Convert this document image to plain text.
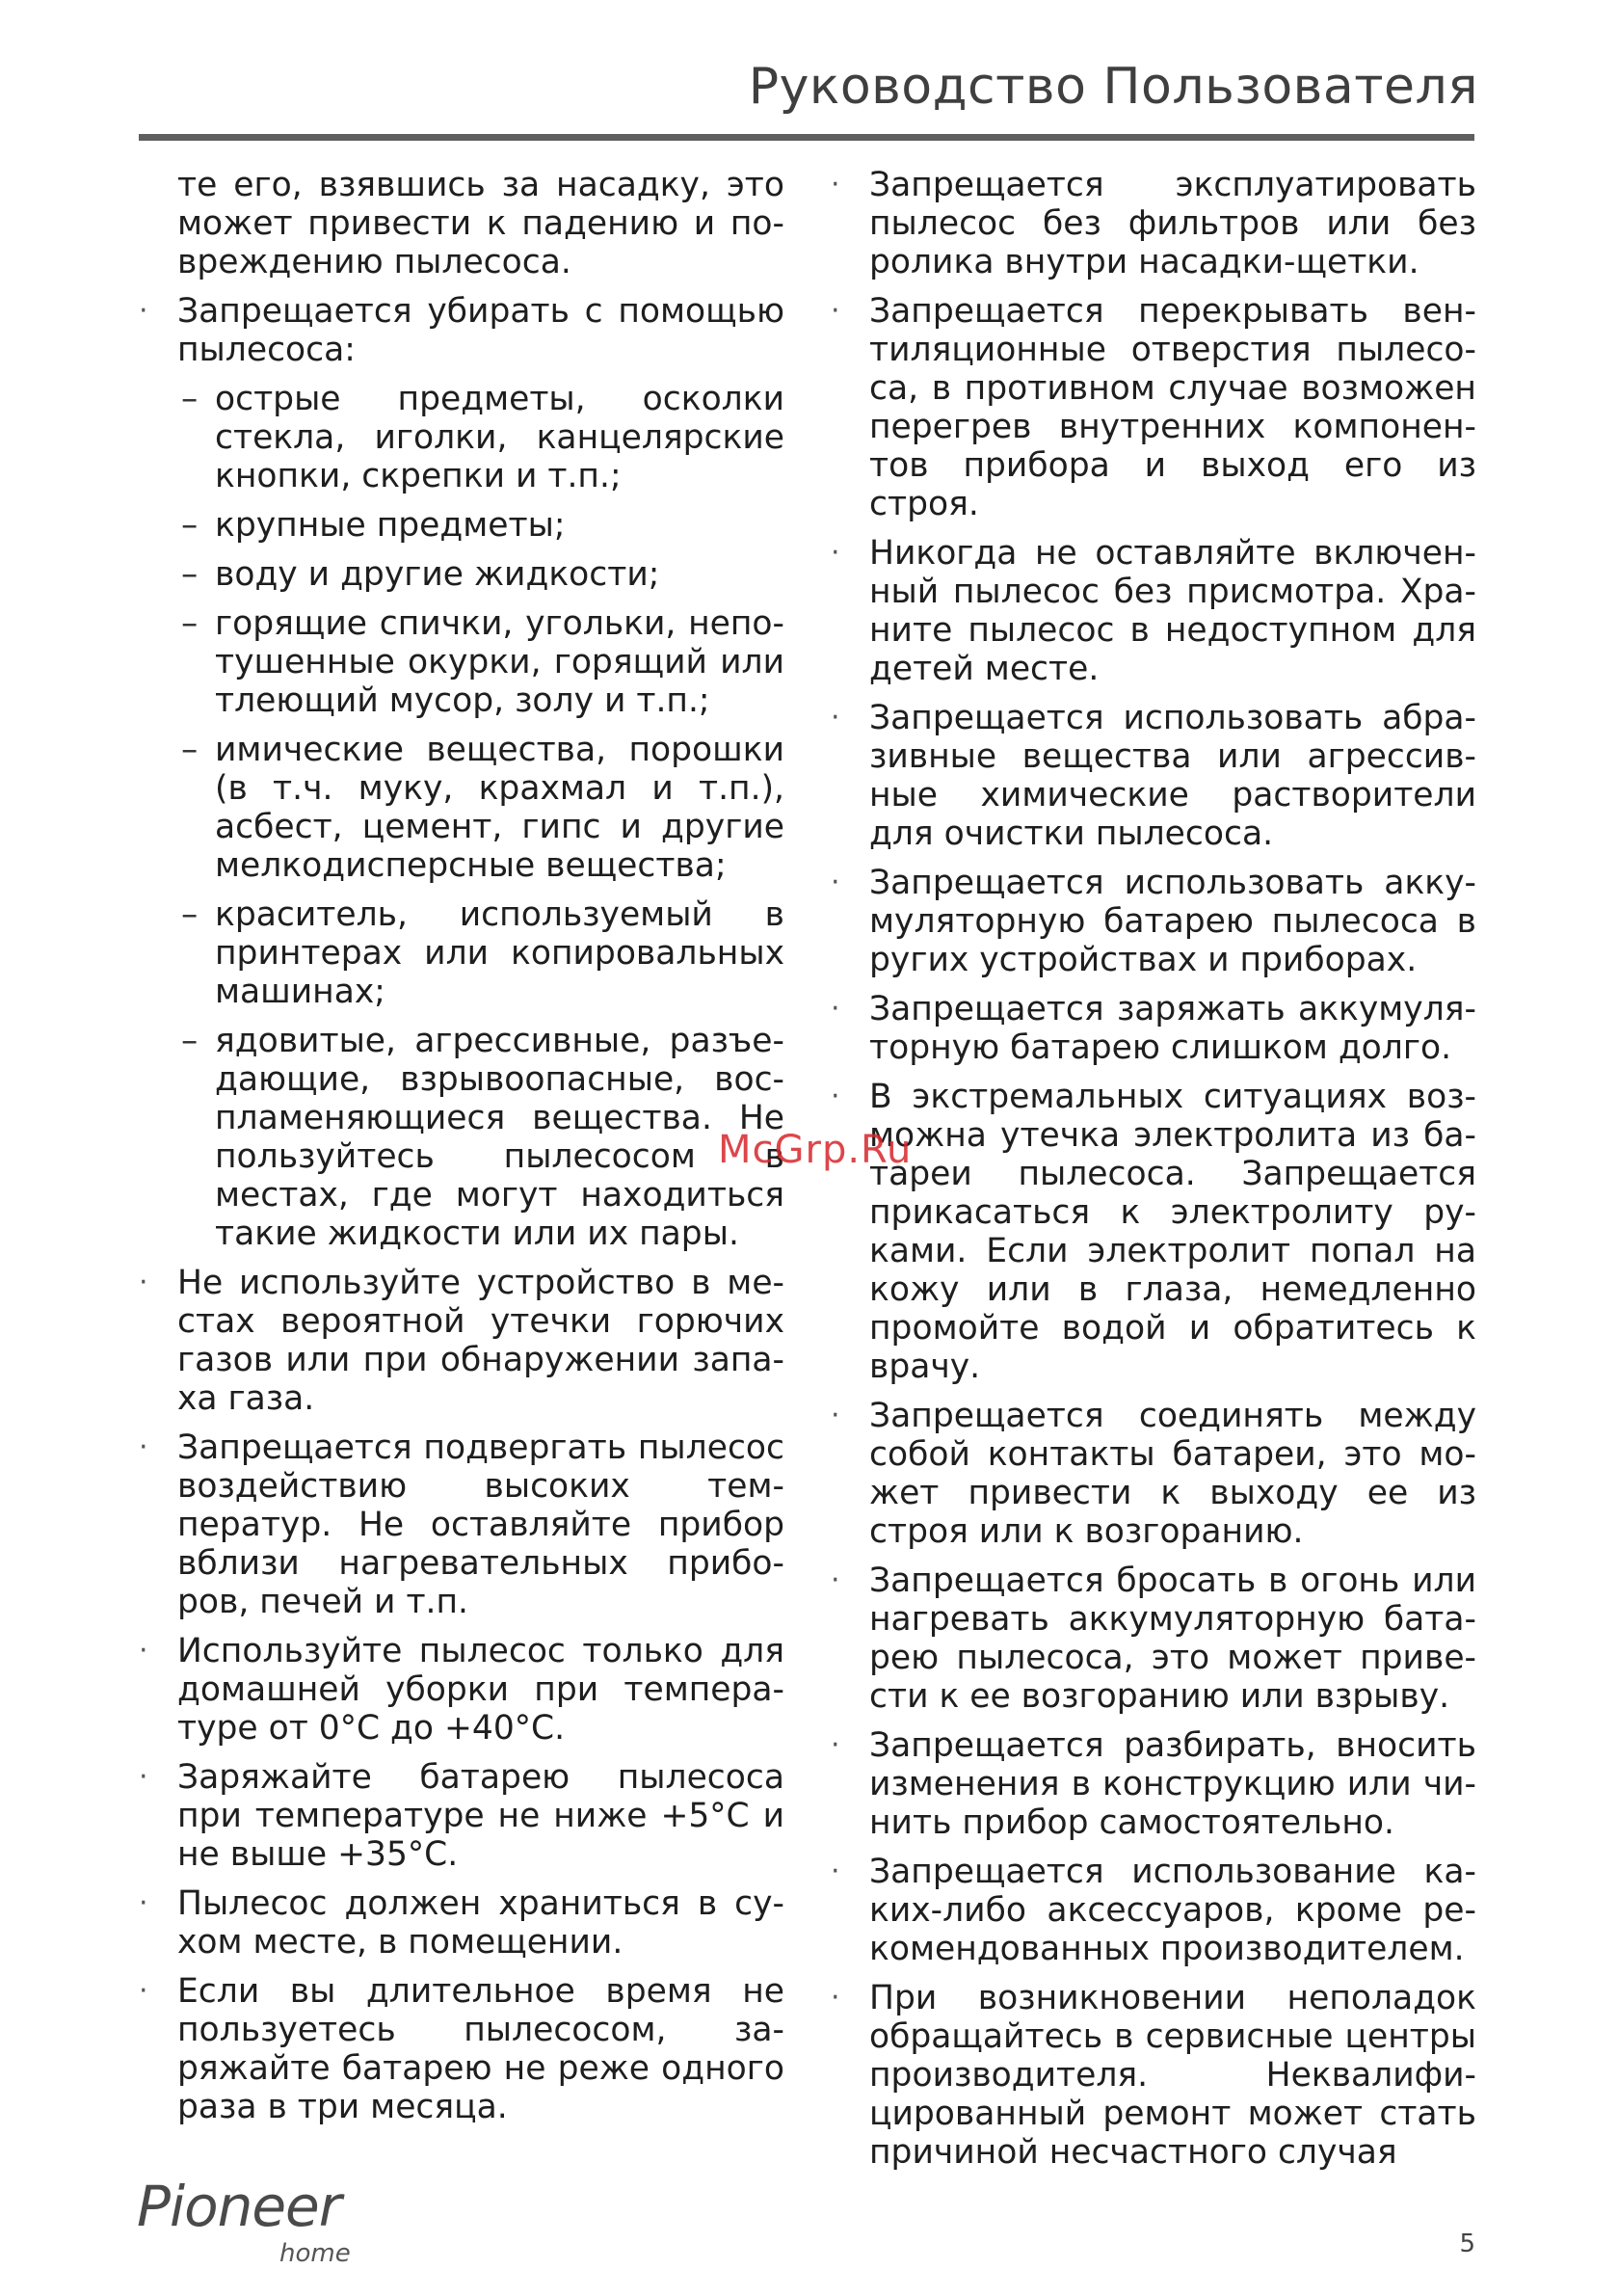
Руководство Пользователя
те его, взявшись за насадку, это может привести к падению и повреждению пылесоса.
· Запрещается убирать с помощью пылесоса:
– острые предметы, осколки стекла, иголки, канцелярские кнопки, скрепки и т.п.;
– крупные предметы;
– воду и другие жидкости;
– горящие спички, угольки, непотушенные окурки, горящий или тлеющий мусор, золу и т.п.;
– имические вещества, порошки (в т.ч. муку, крахмал и т.п.), асбест, цемент, гипс и другие мелкодисперсные вещества;
– краситель, используемый в принтерах или копировальных машинах;
– ядовитые, агрессивные, разъедающие, взрывоопасные, воспламеняющиеся вещества. Не пользуйтесь пылесосом в местах, где могут находиться такие жидкости или их пары.
· Не используйте устройство в местах вероятной утечки горючих газов или при обнаружении запаха газа.
· Запрещается подвергать пылесос воздействию высоких температур. Не оставляйте прибор вблизи нагревательных приборов, печей и т.п.
· Используйте пылесос только для домашней уборки при температуре от 0°С до +40°С.
· Заряжайте батарею пылесоса при температуре не ниже +5°С и не выше +35°С.
· Пылесос должен храниться в сухом месте, в помещении.
· Если вы длительное время не пользуетесь пылесосом, заряжайте батарею не реже одного раза в три месяца.
· Запрещается эксплуатировать пылесос без фильтров или без ролика внутри насадки-щетки.
· Запрещается перекрывать вентиляционные отверстия пылесоса, в противном случае возможен перегрев внутренних компонентов прибора и выход его из строя.
· Никогда не оставляйте включенный пылесос без присмотра. Храните пылесос в недоступном для детей месте.
· Запрещается использовать абразивные вещества или агрессивные химические растворители для очистки пылесоса.
· Запрещается использовать аккумуляторную батарею пылесоса в ругих устройствах и приборах.
· Запрещается заряжать аккумуляторную батарею слишком долго.
· В экстремальных ситуациях возможна утечка электролита из батареи пылесоса. Запрещается прикасаться к электролиту руками. Если электролит попал на кожу или в глаза, немедленно промойте водой и обратитесь к врачу.
· Запрещается соединять между собой контакты батареи, это может привести к выходу ее из строя или к возгоранию.
· Запрещается бросать в огонь или нагревать аккумуляторную батарею пылесоса, это может привести к ее возгоранию или взрыву.
· Запрещается разбирать, вносить изменения в конструкцию или чинить прибор самостоятельно.
· Запрещается использование каких-либо аксессуаров, кроме рекомендованных производителем.
· При возникновении неполадок обращайтесь в сервисные центры производителя. Неквалифицированный ремонт может стать причиной несчастного случая
McGrp.Ru
Pioneer
home	5
